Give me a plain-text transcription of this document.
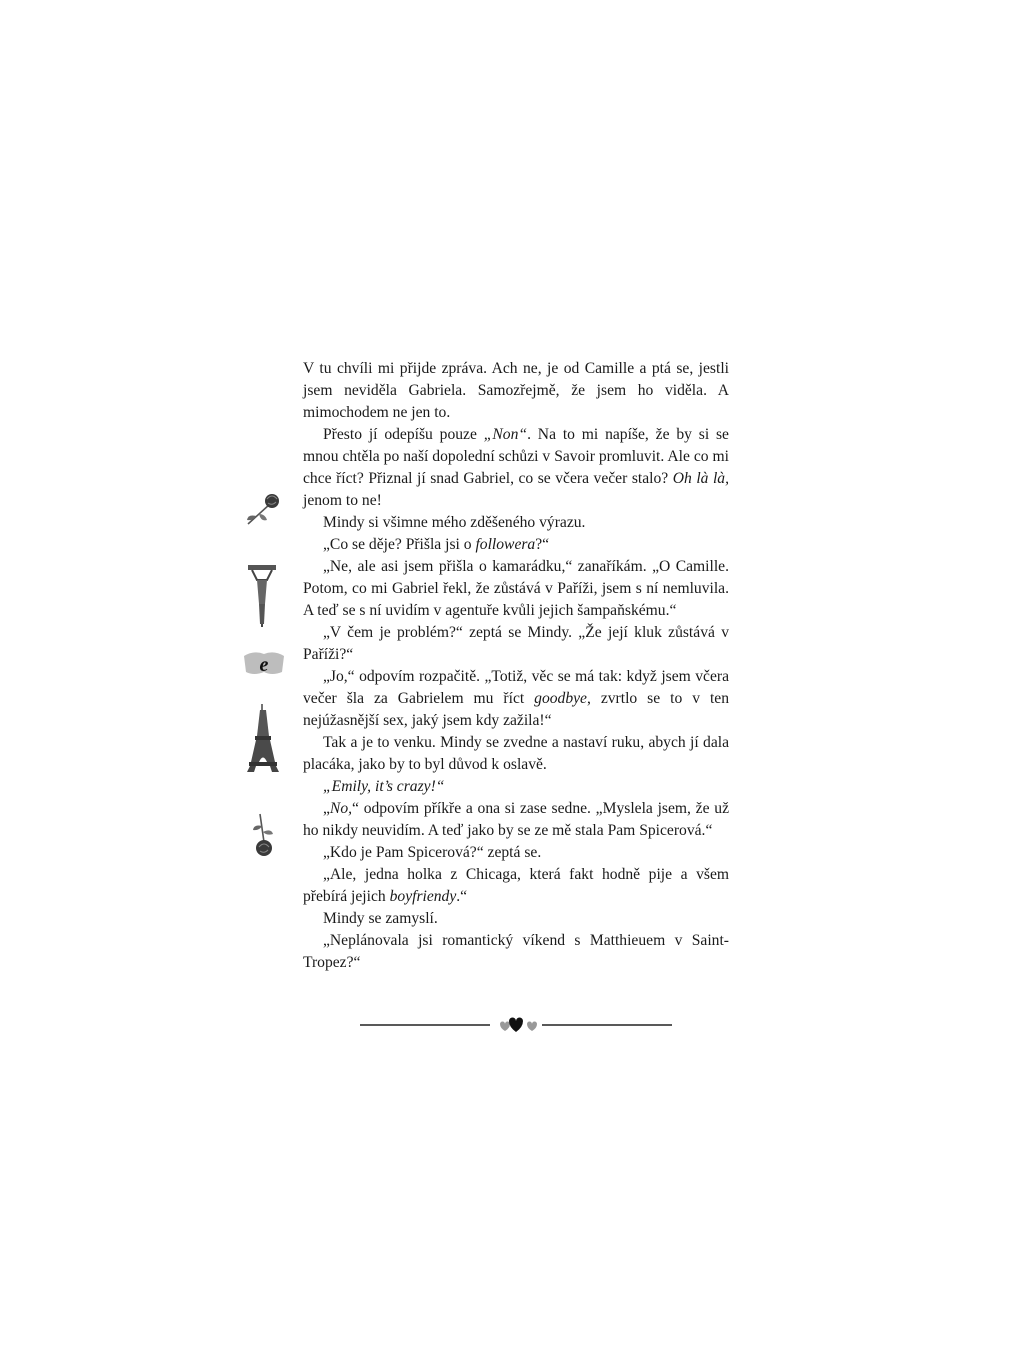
e

V tu chvíli mi přijde zpráva. Ach ne, je od Camille a ptá se, jestli jsem neviděla Gabriela. Samozřejmě, že jsem ho viděla. A mimochodem ne jen to.

Přesto jí odepíšu pouze „Non“. Na to mi napíše, že by si se mnou chtěla po naší dopolední schůzi v Savoir promluvit. Ale co mi chce říct? Přiznal jí snad Gabriel, co se včera večer stalo? Oh là là, jenom to ne!

Mindy si všimne mého zděšeného výrazu.

„Co se děje? Přišla jsi o followera?“

„Ne, ale asi jsem přišla o kamarádku,“ zanaříkám. „O Camille. Potom, co mi Gabriel řekl, že zůstává v Paříži, jsem s ní nemluvila. A teď se s ní uvidím v agentuře kvůli jejich šampaňskému.“

„V čem je problém?“ zeptá se Mindy. „Že její kluk zůstává v Paříži?“

„Jo,“ odpovím rozpačitě. „Totiž, věc se má tak: když jsem včera večer šla za Gabrielem mu říct goodbye, zvrtlo se to v ten nejúžasnější sex, jaký jsem kdy zažila!“

Tak a je to venku. Mindy se zvedne a nastaví ruku, abych jí dala placáka, jako by to byl důvod k oslavě.

„Emily, it’s crazy!“

„No,“ odpovím příkře a ona si zase sedne. „Myslela jsem, že už ho nikdy neuvidím. A teď jako by se ze mě stala Pam Spicerová.“

„Kdo je Pam Spicerová?“ zeptá se.

„Ale, jedna holka z Chicaga, která fakt hodně pije a všem přebírá jejich boyfriendy.“

Mindy se zamyslí.

„Neplánovala jsi romantický víkend s Matthieuem v Saint-Tropez?“
